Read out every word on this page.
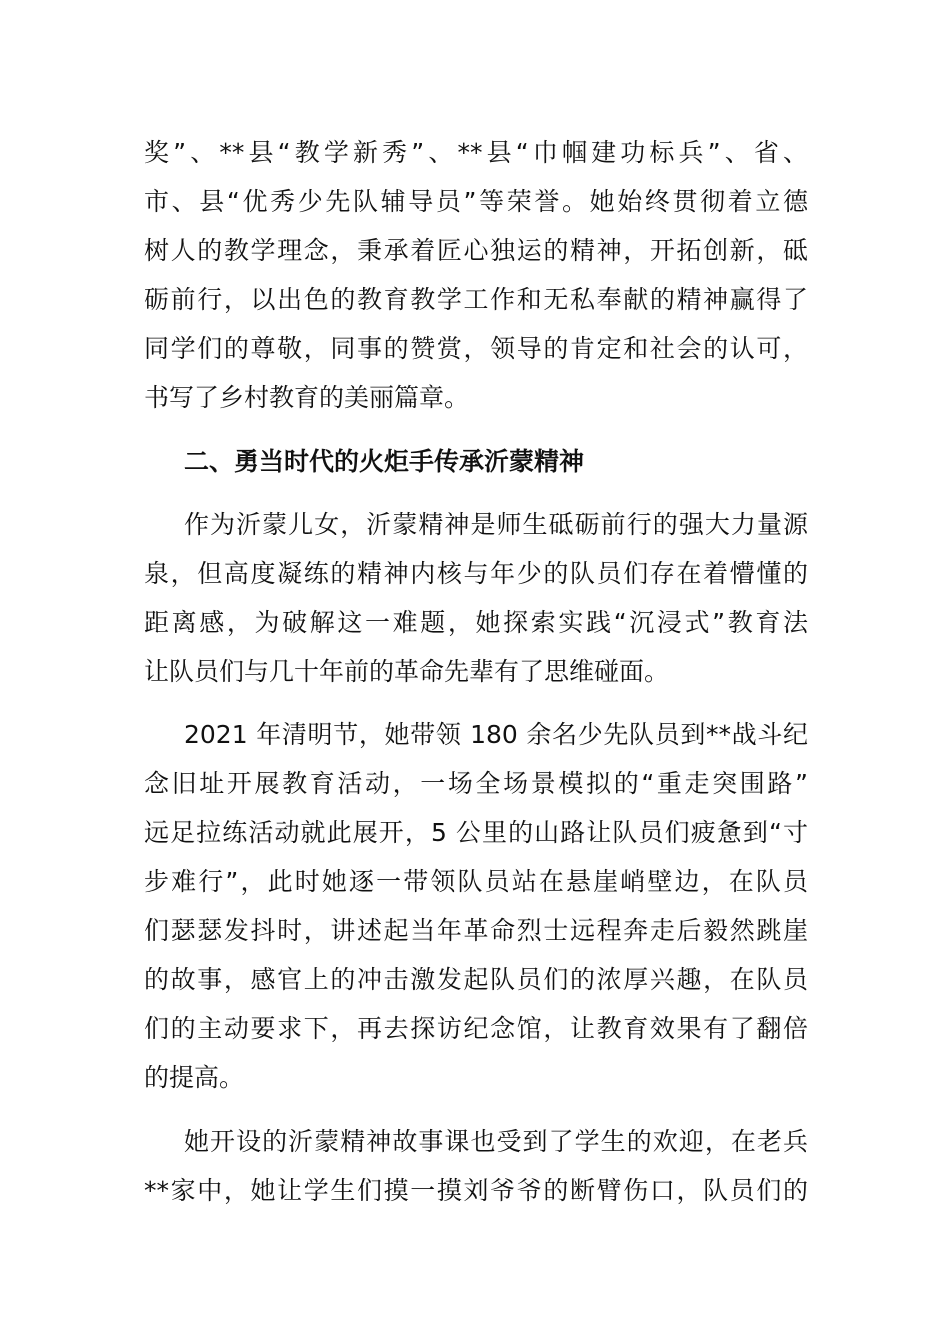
奖”、**县“教学新秀”、**县“巾帼建功标兵”、省、
市、县“优秀少先队辅导员”等荣誉。她始终贯彻着立德
树人的教学理念，秉承着匠心独运的精神，开拓创新，砥
砺前行，以出色的教育教学工作和无私奉献的精神赢得了
同学们的尊敬，同事的赞赏，领导的肯定和社会的认可，
书写了乡村教育的美丽篇章。
二、勇当时代的火炬手传承沂蒙精神
作为沂蒙儿女，沂蒙精神是师生砥砺前行的强大力量源
泉，但高度凝练的精神内核与年少的队员们存在着懵懂的
距离感，为破解这一难题，她探索实践“沉浸式”教育法
让队员们与几十年前的革命先辈有了思维碰面。
2021 年清明节，她带领 180 余名少先队员到**战斗纪
念旧址开展教育活动，一场全场景模拟的“重走突围路”
远足拉练活动就此展开，5 公里的山路让队员们疲惫到“寸
步难行”，此时她逐一带领队员站在悬崖峭壁边，在队员
们瑟瑟发抖时，讲述起当年革命烈士远程奔走后毅然跳崖
的故事，感官上的冲击激发起队员们的浓厚兴趣，在队员
们的主动要求下，再去探访纪念馆，让教育效果有了翻倍
的提高。
她开设的沂蒙精神故事课也受到了学生的欢迎，在老兵
**家中，她让学生们摸一摸刘爷爷的断臂伤口，队员们的
